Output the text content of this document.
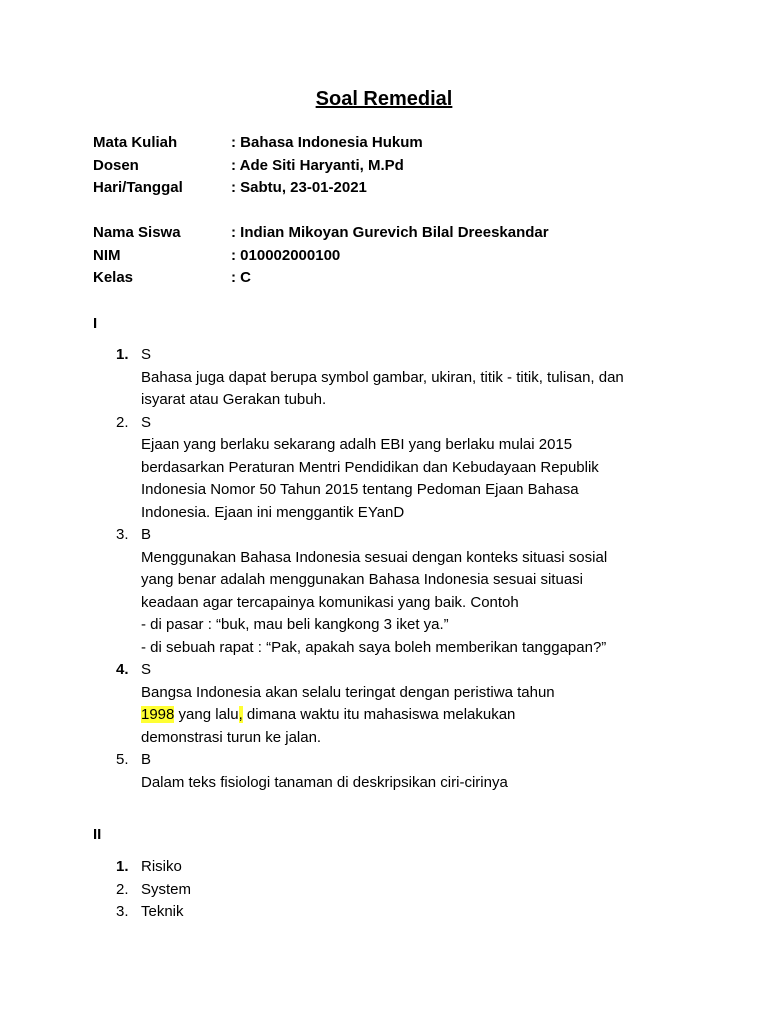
Soal Remedial
Mata Kuliah	: Bahasa Indonesia Hukum
Dosen	: Ade Siti Haryanti, M.Pd
Hari/Tanggal	: Sabtu, 23-01-2021
Nama Siswa	: Indian Mikoyan Gurevich Bilal Dreeskandar
NIM	: 010002000100
Kelas	: C
I
1. S
Bahasa juga dapat berupa symbol gambar, ukiran, titik - titik, tulisan, dan
isyarat atau Gerakan tubuh.
2. S
Ejaan yang berlaku sekarang adalh EBI yang berlaku mulai 2015
berdasarkan Peraturan Mentri Pendidikan dan Kebudayaan Republik
Indonesia Nomor 50 Tahun 2015 tentang Pedoman Ejaan Bahasa
Indonesia. Ejaan ini menggantik EYanD
3. B
Menggunakan Bahasa Indonesia sesuai dengan konteks situasi sosial
yang benar adalah menggunakan Bahasa Indonesia sesuai situasi
keadaan agar tercapainya komunikasi yang baik. Contoh
- di pasar : “buk, mau beli kangkong 3 iket ya.”
- di sebuah rapat : “Pak, apakah saya boleh memberikan tanggapan?”
4. S
Bangsa Indonesia akan selalu teringat dengan peristiwa tahun
1998 yang lalu, dimana waktu itu mahasiswa melakukan
demonstrasi turun ke jalan.
5. B
Dalam teks fisiologi tanaman di deskripsikan ciri-cirinya
II
1. Risiko
2. System
3. Teknik
